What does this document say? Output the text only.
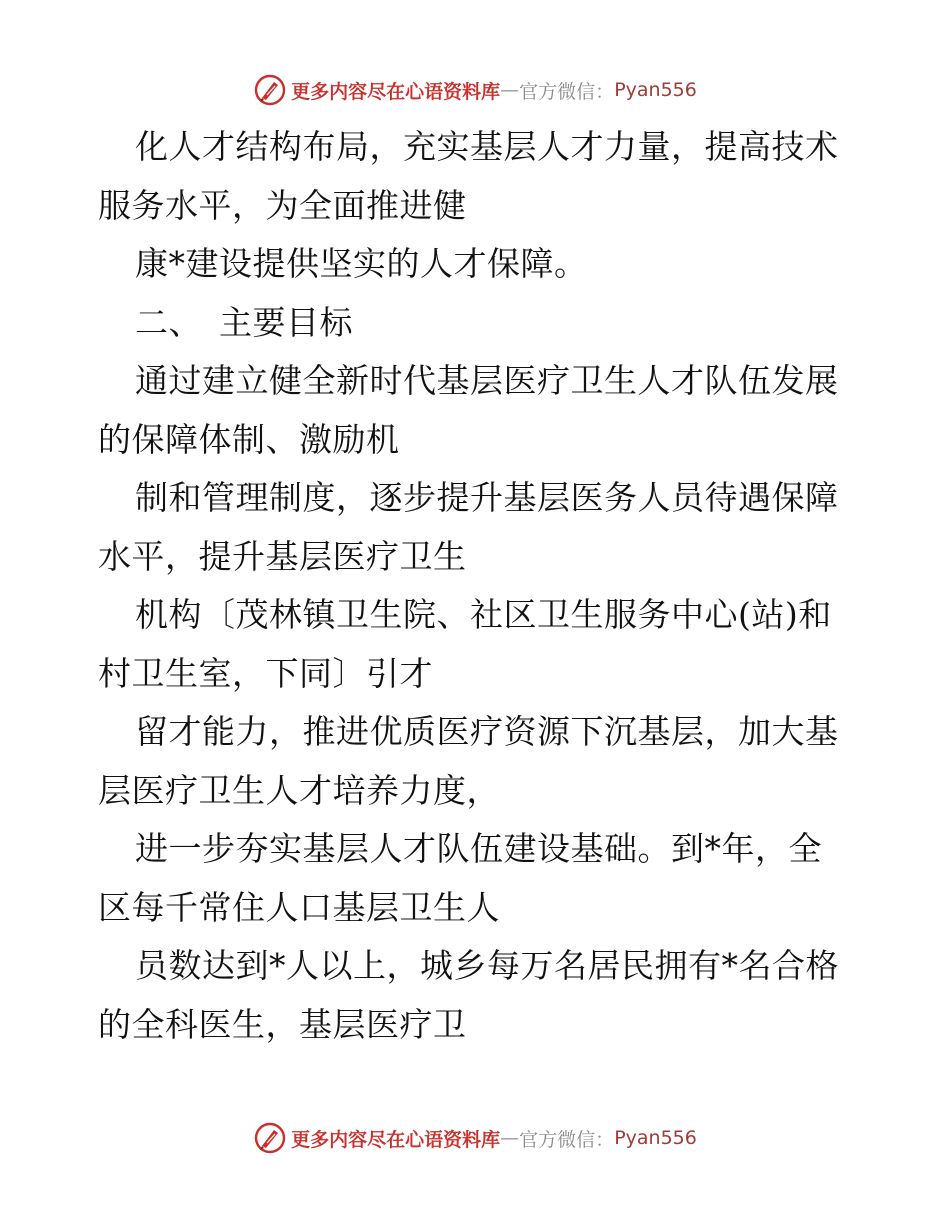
更多内容尽在心语资料库 — 官方微信： Pyan556
化人才结构布局，充实基层人才力量，提高技术
服务水平，为全面推进健
康*建设提供坚实的人才保障。
二、　主要目标
通过建立健全新时代基层医疗卫生人才队伍发展
的保障体制、激励机
制和管理制度，逐步提升基层医务人员待遇保障
水平，提升基层医疗卫生
机构〔茂林镇卫生院、社区卫生服务中心(站)和
村卫生室，下同〕引才
留才能力，推进优质医疗资源下沉基层，加大基
层医疗卫生人才培养力度，
进一步夯实基层人才队伍建设基础。到*年，全
区每千常住人口基层卫生人
员数达到*人以上，城乡每万名居民拥有*名合格
的全科医生，基层医疗卫
更多内容尽在心语资料库 — 官方微信： Pyan556
